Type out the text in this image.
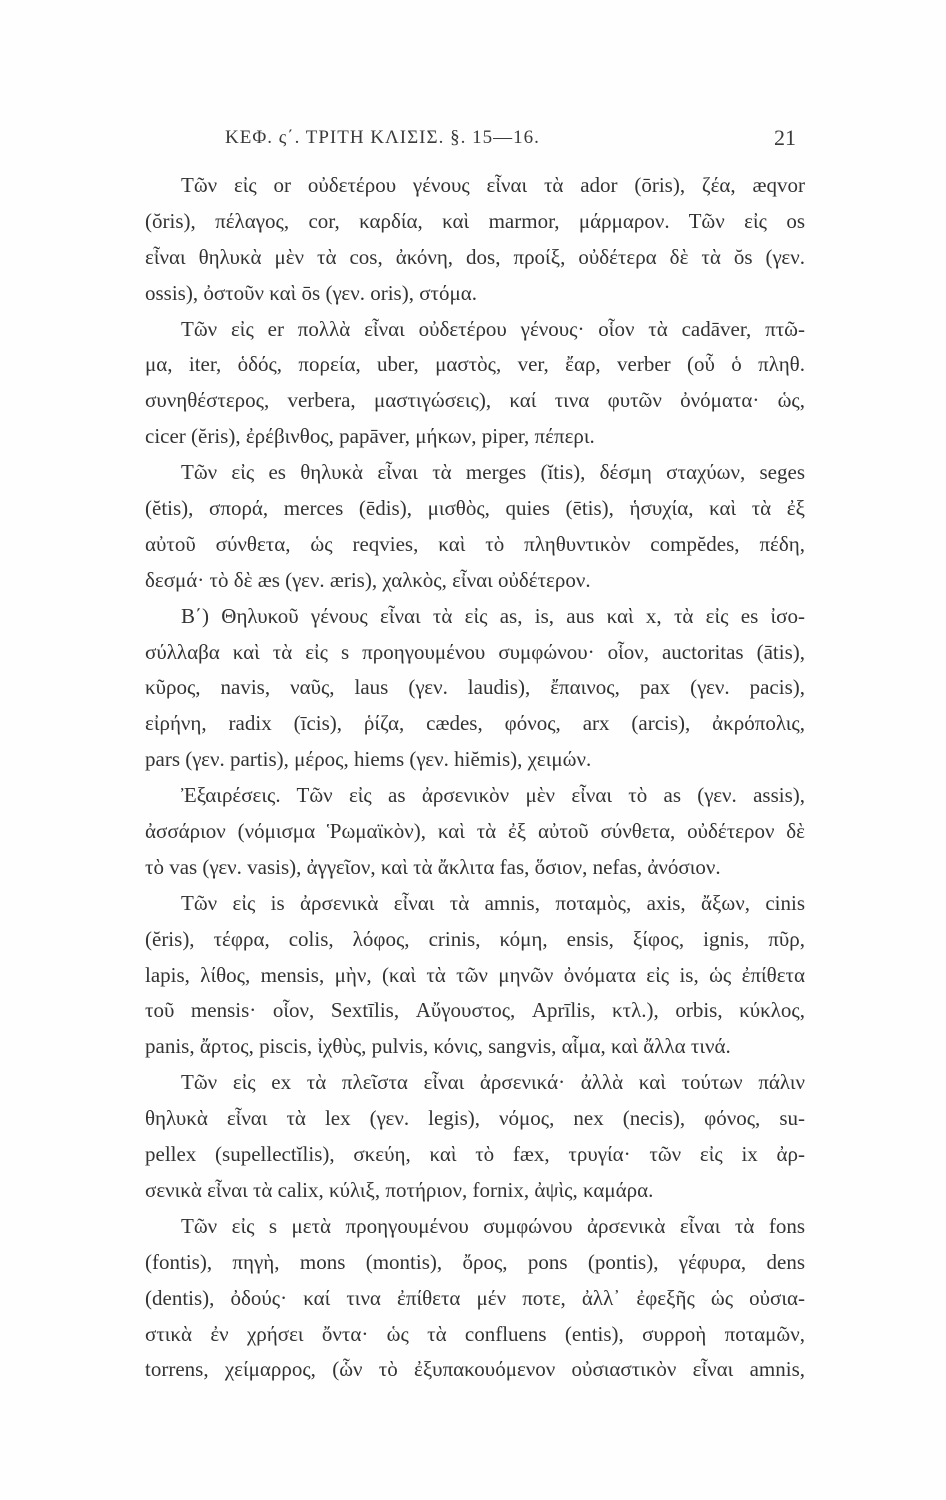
ΚΕΦ. ς΄. ΤΡΙΤΗ ΚΛΙΣΙΣ. §. 15—16.	21
Τῶν εἰς or οὐδετέρου γένους εἶναι τὰ ador (ōris), ζέα, æqvor
(ŏris), πέλαγος, cor, καρδία, καὶ marmor, μάρμαρον. Τῶν εἰς os
εἶναι θηλυκὰ μὲν τὰ cos, ἀκόνη, dos, προίξ, οὐδέτερα δὲ τὰ ŏs (γεν.
ossis), ὀστοῦν καὶ ōs (γεν. oris), στόμα.
Τῶν εἰς er πολλὰ εἶναι οὐδετέρου γένους· οἷον τὰ cadāver, πτῶ-
μα, iter, ὁδός, πορεία, uber, μαστὸς, ver, ἔαρ, verber (οὗ ὁ πληθ.
συνηθέστερος, verbera, μαστιγώσεις), καί τινα φυτῶν ὀνόματα· ὡς,
cicer (ĕris), ἐρέβινθος, papāver, μήκων, piper, πέπερι.
Τῶν εἰς es θηλυκὰ εἶναι τὰ merges (ĭtis), δέσμη σταχύων, seges
(ĕtis), σπορά, merces (ēdis), μισθὸς, quies (ētis), ἡσυχία, καὶ τὰ ἐξ
αὐτοῦ σύνθετα, ὡς reqvies, καὶ τὸ πληθυντικὸν compĕdes, πέδη,
δεσμά· τὸ δὲ æs (γεν. æris), χαλκὸς, εἶναι οὐδέτερον.
Β΄) Θηλυκοῦ γένους εἶναι τὰ εἰς as, is, aus καὶ x, τὰ εἰς es ἰσο-
σύλλαβα καὶ τὰ εἰς s προηγουμένου συμφώνου· οἷον, auctoritas (ātis),
κῦρος, navis, ναῦς, laus (γεν. laudis), ἔπαινος, pax (γεν. pacis),
εἰρήνη, radix (īcis), ῥίζα, cædes, φόνος, arx (arcis), ἀκρόπολις,
pars (γεν. partis), μέρος, hiems (γεν. hiĕmis), χειμών.
Ἐξαιρέσεις. Τῶν εἰς as ἀρσενικὸν μὲν εἶναι τὸ as (γεν. assis),
ἀσσάριον (νόμισμα Ῥωμαϊκὸν), καὶ τὰ ἐξ αὐτοῦ σύνθετα, οὐδέτερον δὲ
τὸ vas (γεν. vasis), ἀγγεῖον, καὶ τὰ ἄκλιτα fas, ὅσιον, nefas, ἀνόσιον.
Τῶν εἰς is ἀρσενικὰ εἶναι τὰ amnis, ποταμὸς, axis, ἄξων, cinis
(ĕris), τέφρα, colis, λόφος, crinis, κόμη, ensis, ξίφος, ignis, πῦρ,
lapis, λίθος, mensis, μὴν, (καὶ τὰ τῶν μηνῶν ὀνόματα εἰς is, ὡς ἐπίθετα
τοῦ mensis· οἷον, Sextīlis, Αὔγουστος, Aprīlis, κτλ.), orbis, κύκλος,
panis, ἄρτος, piscis, ἰχθὺς, pulvis, κόνις, sangvis, αἷμα, καὶ ἄλλα τινά.
Τῶν εἰς ex τὰ πλεῖστα εἶναι ἀρσενικά· ἀλλὰ καὶ τούτων πάλιν
θηλυκὰ εἶναι τὰ lex (γεν. legis), νόμος, nex (necis), φόνος, su-
pellex (supellectĭlis), σκεύη, καὶ τὸ fæx, τρυγία· τῶν εἰς ix ἀρ-
σενικὰ εἶναι τὰ calix, κύλιξ, ποτήριον, fornix, ἀψὶς, καμάρα.
Τῶν εἰς s μετὰ προηγουμένου συμφώνου ἀρσενικὰ εἶναι τὰ fons
(fontis), πηγὴ, mons (montis), ὄρος, pons (pontis), γέφυρα, dens
(dentis), ὀδούς· καί τινα ἐπίθετα μέν ποτε, ἀλλ᾽ ἐφεξῆς ὡς οὐσια-
στικὰ ἐν χρήσει ὄντα· ὡς τὰ confluens (entis), συρροὴ ποταμῶν,
torrens, χείμαρρος, (ὧν τὸ ἐξυπακουόμενον οὐσιαστικὸν εἶναι amnis,
